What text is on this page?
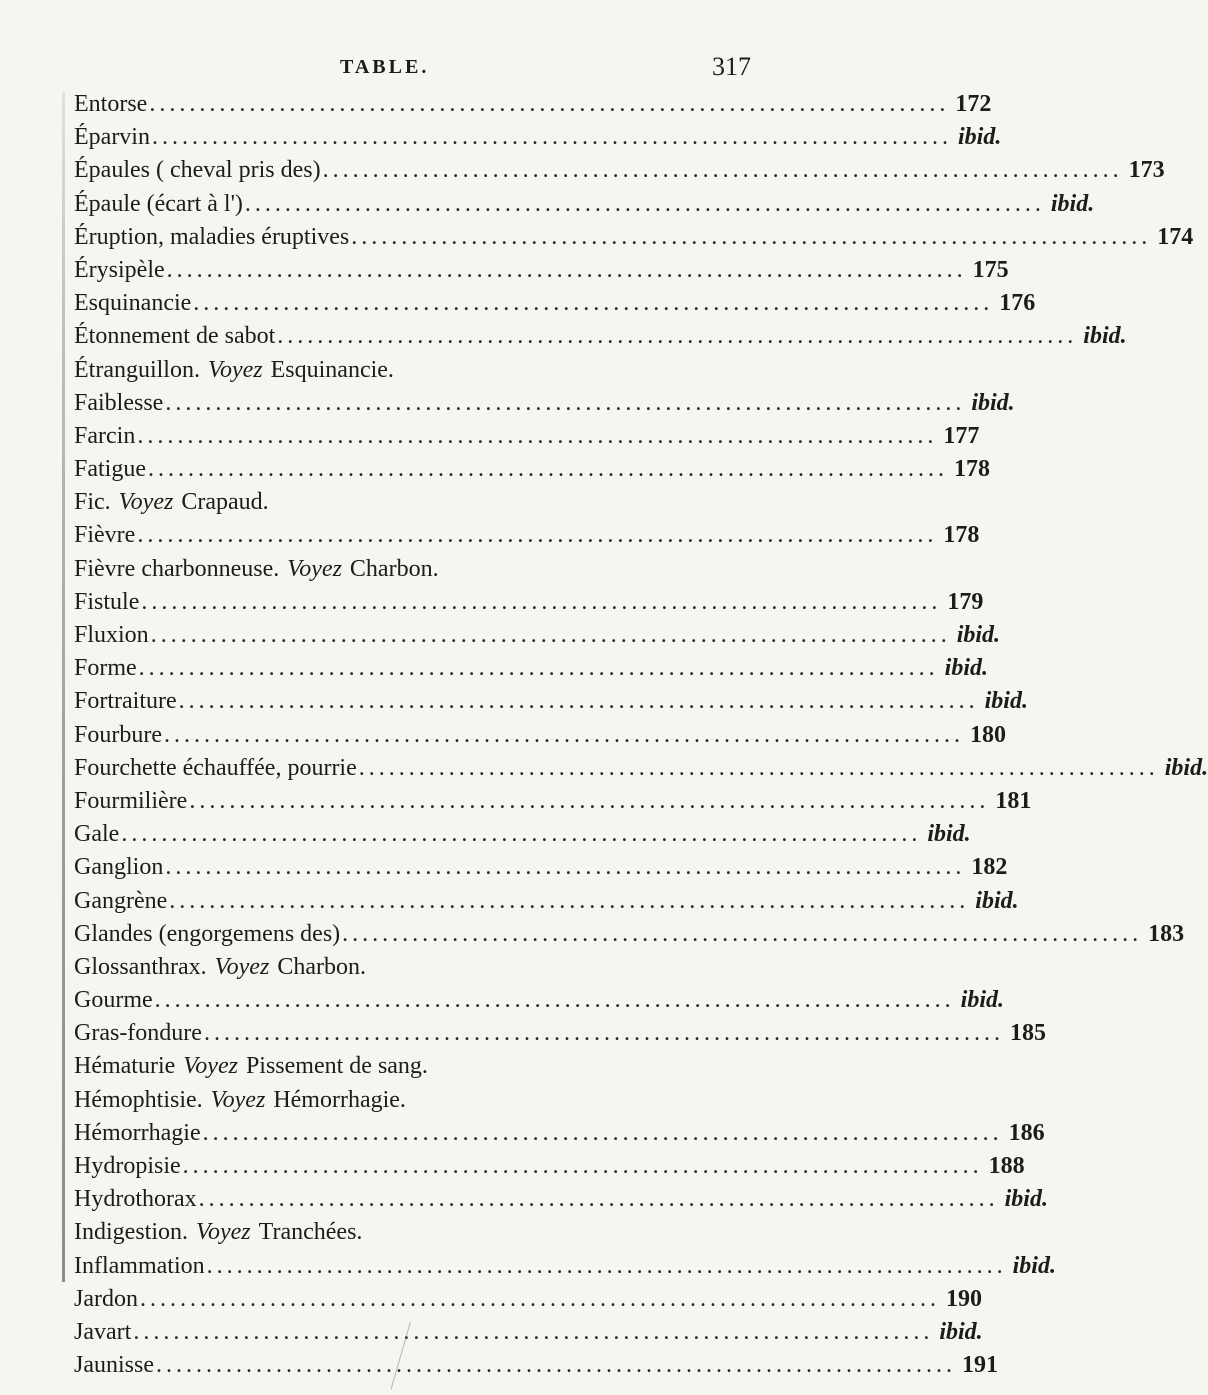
TABLE.	317
Entorse ................................................................................ 172
Éparvin ................................................................................ ibid.
Épaules ( cheval pris des) ................................................................................ 173
Épaule (écart à l') ................................................................................ ibid.
Éruption, maladies éruptives ................................................................................ 174
Érysipèle ................................................................................ 175
Esquinancie ................................................................................ 176
Étonnement de sabot ................................................................................ ibid.
Étranguillon. Voyez Esquinancie.
Faiblesse ................................................................................ ibid.
Farcin ................................................................................ 177
Fatigue ................................................................................ 178
Fic. Voyez Crapaud.
Fièvre ................................................................................ 178
Fièvre charbonneuse. Voyez Charbon.
Fistule ................................................................................ 179
Fluxion ................................................................................ ibid.
Forme ................................................................................ ibid.
Fortraiture ................................................................................ ibid.
Fourbure ................................................................................ 180
Fourchette échauffée, pourrie ................................................................................ ibid.
Fourmilière ................................................................................ 181
Gale ................................................................................ ibid.
Ganglion ................................................................................ 182
Gangrène ................................................................................ ibid.
Glandes (engorgemens des) ................................................................................ 183
Glossanthrax. Voyez Charbon.
Gourme ................................................................................ ibid.
Gras-fondure ................................................................................ 185
Hématurie Voyez Pissement de sang.
Hémophtisie. Voyez Hémorrhagie.
Hémorrhagie ................................................................................ 186
Hydropisie ................................................................................ 188
Hydrothorax ................................................................................ ibid.
Indigestion. Voyez Tranchées.
Inflammation ................................................................................ ibid.
Jardon ................................................................................ 190
Javart ................................................................................ ibid.
Jaunisse ................................................................................ 191
